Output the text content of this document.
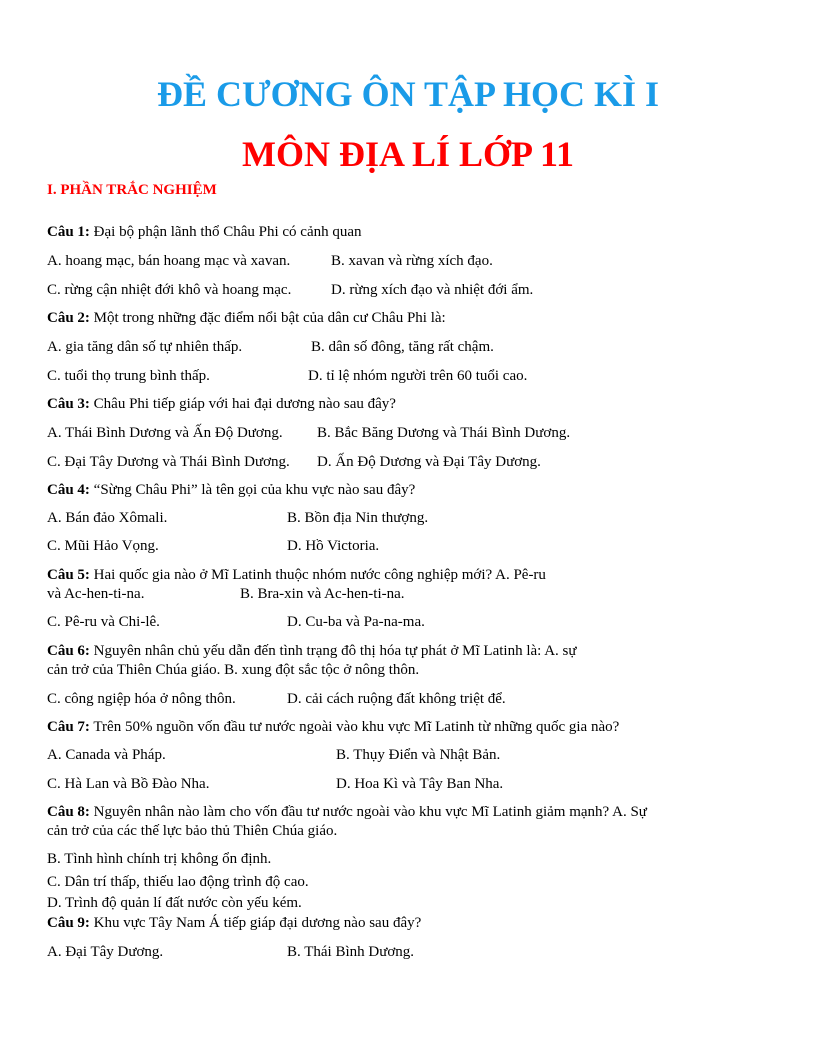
ĐỀ CƯƠNG ÔN TẬP HỌC KÌ I
MÔN ĐỊA LÍ LỚP 11
I. PHẦN TRẮC NGHIỆM
Câu 1: Đại bộ phận lãnh thổ Châu Phi có cảnh quan
A. hoang mạc, bán hoang mạc và xavan.	B. xavan và rừng xích đạo.
C. rừng cận nhiệt đới khô và hoang mạc.	D. rừng xích đạo và nhiệt đới ẩm.
Câu 2: Một trong những đặc điểm nổi bật của dân cư Châu Phi là:
A. gia tăng dân số tự nhiên thấp.	B. dân số đông, tăng rất chậm.
C. tuổi thọ trung bình thấp.	D. tỉ lệ nhóm người trên 60 tuổi cao.
Câu 3: Châu Phi tiếp giáp với hai đại dương nào sau đây?
A. Thái Bình Dương và Ấn Độ Dương. B. Bắc Băng Dương và Thái Bình Dương.
C. Đại Tây Dương và Thái Bình Dương. D. Ấn Độ Dương và Đại Tây Dương.
Câu 4: “Sừng Châu Phi” là tên gọi của khu vực nào sau đây?
A. Bán đảo Xômali.	B. Bồn địa Nin thượng.
C. Mũi Hảo Vọng.	D. Hồ Victoria.
Câu 5: Hai quốc gia nào ở Mĩ Latinh thuộc nhóm nước công nghiệp mới? A. Pê-ru
và Ac-hen-ti-na.	B. Bra-xin và Ac-hen-ti-na.
C. Pê-ru và Chi-lê.	D. Cu-ba và Pa-na-ma.
Câu 6: Nguyên nhân chủ yếu dẫn đến tình trạng đô thị hóa tự phát ở Mĩ Latinh là: A. sự
cản trở của Thiên Chúa giáo. B. xung đột sắc tộc ở nông thôn.
C. công ngiệp hóa ở nông thôn.	D. cải cách ruộng đất không triệt để.
Câu 7: Trên 50% nguồn vốn đầu tư nước ngoài vào khu vực Mĩ Latinh từ những quốc gia nào?
A. Canada và Pháp.	B. Thụy Điển và Nhật Bản.
C. Hà Lan và Bồ Đào Nha.	D. Hoa Kì và Tây Ban Nha.
Câu 8: Nguyên nhân nào làm cho vốn đầu tư nước ngoài vào khu vực Mĩ Latinh giảm mạnh? A. Sự
cản trở của các thế lực bảo thủ Thiên Chúa giáo.
B. Tình hình chính trị không ổn định.
C. Dân trí thấp, thiếu lao động trình độ cao.
D. Trình độ quản lí đất nước còn yếu kém.
Câu 9: Khu vực Tây Nam Á tiếp giáp đại dương nào sau đây?
A. Đại Tây Dương.	B. Thái Bình Dương.
